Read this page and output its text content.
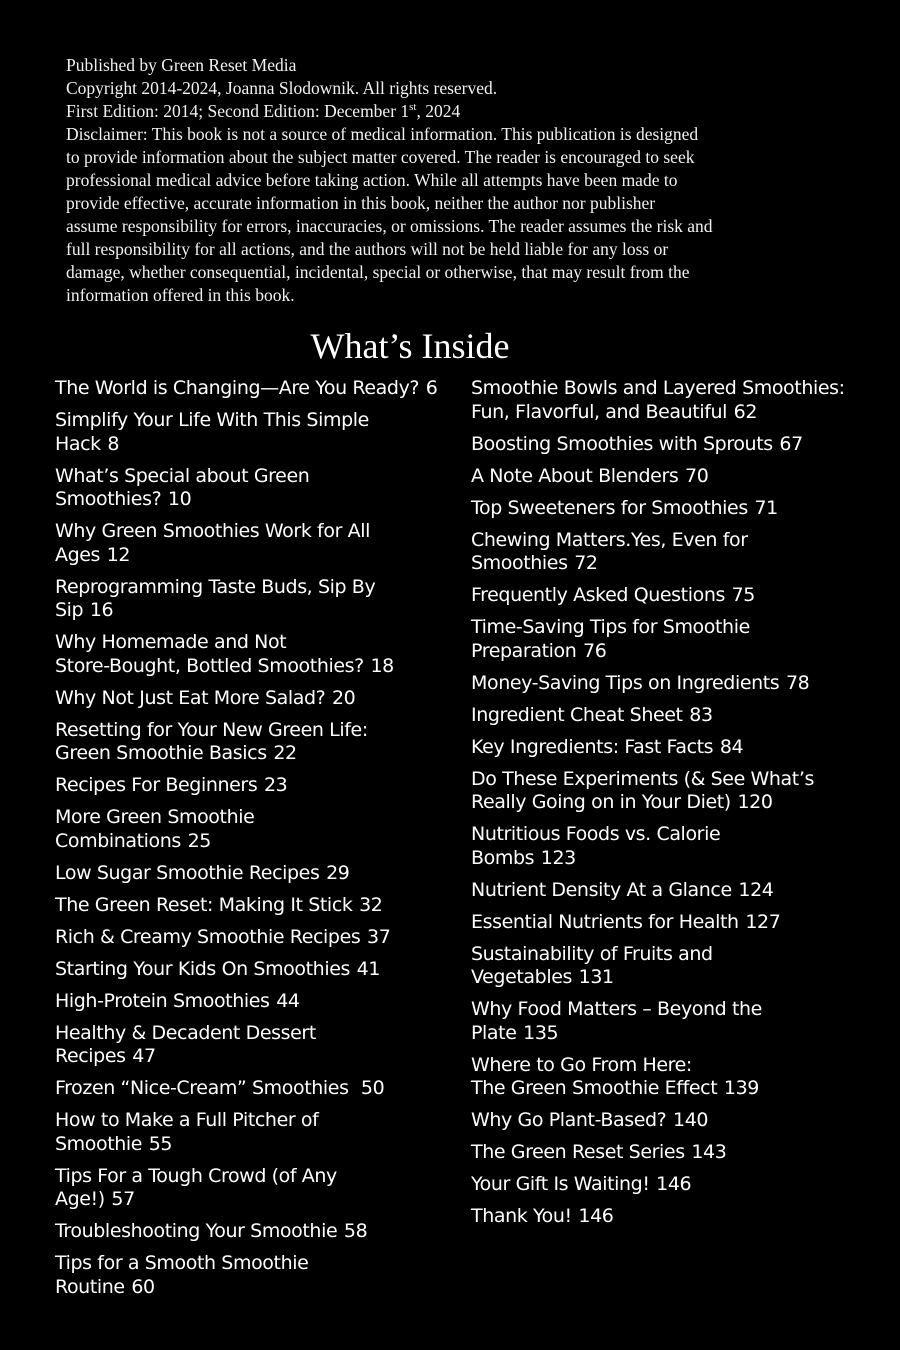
Published by Green Reset Media

Copyright 2014-2024, Joanna Slodownik. All rights reserved.

First Edition: 2014; Second Edition: December 1st, 2024

Disclaimer: This book is not a source of medical information. This publication is designed

to provide information about the subject matter covered. The reader is encouraged to seek

professional medical advice before taking action. While all attempts have been made to

provide effective, accurate information in this book, neither the author nor publisher

assume responsibility for errors, inaccuracies, or omissions. The reader assumes the risk and

full responsibility for all actions, and the authors will not be held liable for any loss or

damage, whether consequential, incidental, special or otherwise, that may result from the

information offered in this book.

What’s Inside
The World is Changing—Are You Ready? 6
Simplify Your Life With This Simple
Hack 8
What’s Special about Green
Smoothies? 10
Why Green Smoothies Work for All
Ages 12
Reprogramming Taste Buds, Sip By
Sip 16
Why Homemade and Not
Store-Bought, Bottled Smoothies? 18
Why Not Just Eat More Salad? 20
Resetting for Your New Green Life:
Green Smoothie Basics 22
Recipes For Beginners 23
More Green Smoothie
Combinations 25
Low Sugar Smoothie Recipes 29
The Green Reset: Making It Stick 32
Rich & Creamy Smoothie Recipes 37
Starting Your Kids On Smoothies 41
High-Protein Smoothies 44
Healthy & Decadent Dessert
Recipes 47
Frozen “Nice-Cream” Smoothies 50
How to Make a Full Pitcher of
Smoothie 55
Tips For a Tough Crowd (of Any
Age!) 57
Troubleshooting Your Smoothie 58
Tips for a Smooth Smoothie
Routine 60
Smoothie Bowls and Layered Smoothies:
Fun, Flavorful, and Beautiful 62
Boosting Smoothies with Sprouts 67
A Note About Blenders 70
Top Sweeteners for Smoothies 71
Chewing Matters.Yes, Even for
Smoothies 72
Frequently Asked Questions 75
Time-Saving Tips for Smoothie
Preparation 76
Money-Saving Tips on Ingredients 78
Ingredient Cheat Sheet 83
Key Ingredients: Fast Facts 84
Do These Experiments (& See What’s
Really Going on in Your Diet) 120
Nutritious Foods vs. Calorie
Bombs 123
Nutrient Density At a Glance 124
Essential Nutrients for Health 127
Sustainability of Fruits and
Vegetables 131
Why Food Matters – Beyond the
Plate 135
Where to Go From Here:
The Green Smoothie Effect 139
Why Go Plant-Based? 140
The Green Reset Series 143
Your Gift Is Waiting! 146
Thank You! 146
